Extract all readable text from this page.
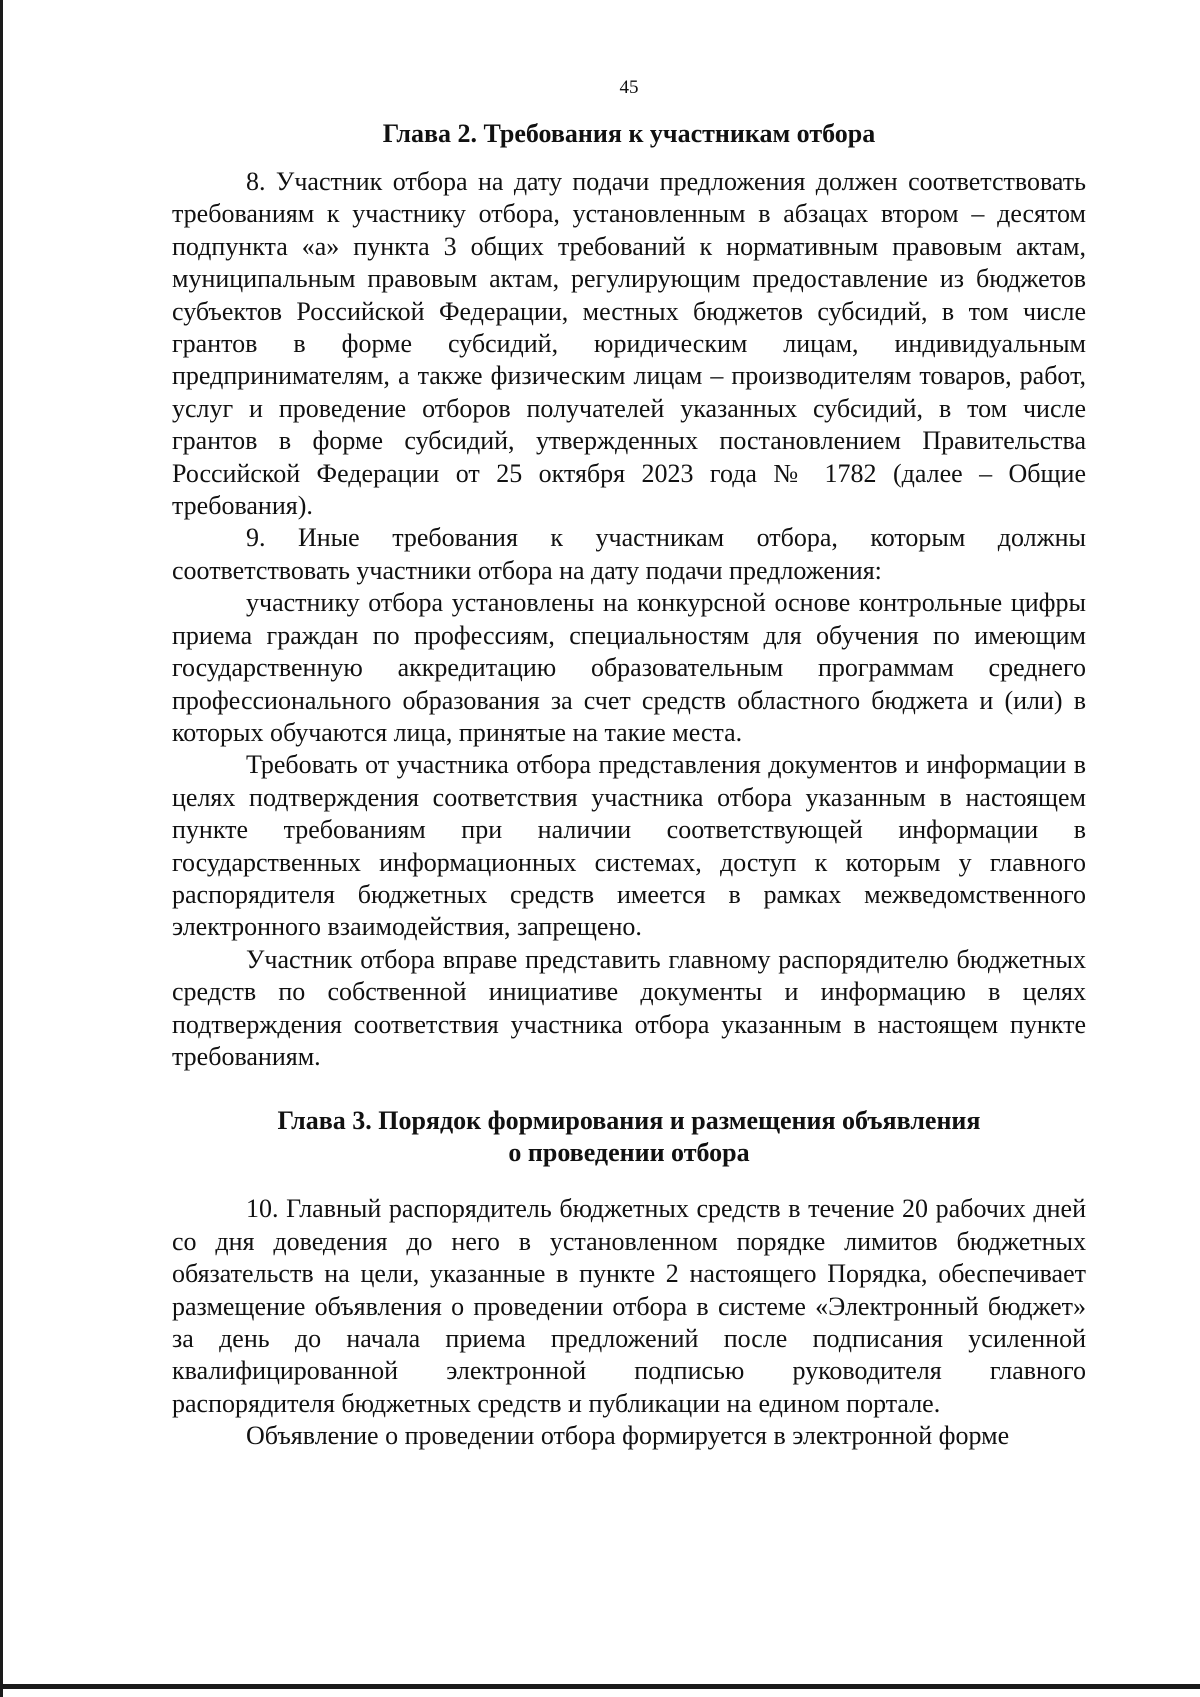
45

Глава 2. Требования к участникам отбора

8. Участник отбора на дату подачи предложения должен соответствовать требованиям к участнику отбора, установленным в абзацах втором – десятом подпункта «а» пункта 3 общих требований к нормативным правовым актам, муниципальным правовым актам, регулирующим предоставление из бюджетов субъектов Российской Федерации, местных бюджетов субсидий, в том числе грантов в форме субсидий, юридическим лицам, индивидуальным предпринимателям, а также физическим лицам – производителям товаров, работ, услуг и проведение отборов получателей указанных субсидий, в том числе грантов в форме субсидий, утвержденных постановлением Правительства Российской Федерации от 25 октября 2023 года № 1782 (далее – Общие требования).

9. Иные требования к участникам отбора, которым должны соответствовать участники отбора на дату подачи предложения:

участнику отбора установлены на конкурсной основе контрольные цифры приема граждан по профессиям, специальностям для обучения по имеющим государственную аккредитацию образовательным программам среднего профессионального образования за счет средств областного бюджета и (или) в которых обучаются лица, принятые на такие места.

Требовать от участника отбора представления документов и информации в целях подтверждения соответствия участника отбора указанным в настоящем пункте требованиям при наличии соответствующей информации в государственных информационных системах, доступ к которым у главного распорядителя бюджетных средств имеется в рамках межведомственного электронного взаимодействия, запрещено.

Участник отбора вправе представить главному распорядителю бюджетных средств по собственной инициативе документы и информацию в целях подтверждения соответствия участника отбора указанным в настоящем пункте требованиям.

Глава 3. Порядок формирования и размещения объявления
о проведении отбора

10. Главный распорядитель бюджетных средств в течение 20 рабочих дней со дня доведения до него в установленном порядке лимитов бюджетных обязательств на цели, указанные в пункте 2 настоящего Порядка, обеспечивает размещение объявления о проведении отбора в системе «Электронный бюджет» за день до начала приема предложений после подписания усиленной квалифицированной электронной подписью руководителя главного распорядителя бюджетных средств и публикации на едином портале.

Объявление о проведении отбора формируется в электронной форме
